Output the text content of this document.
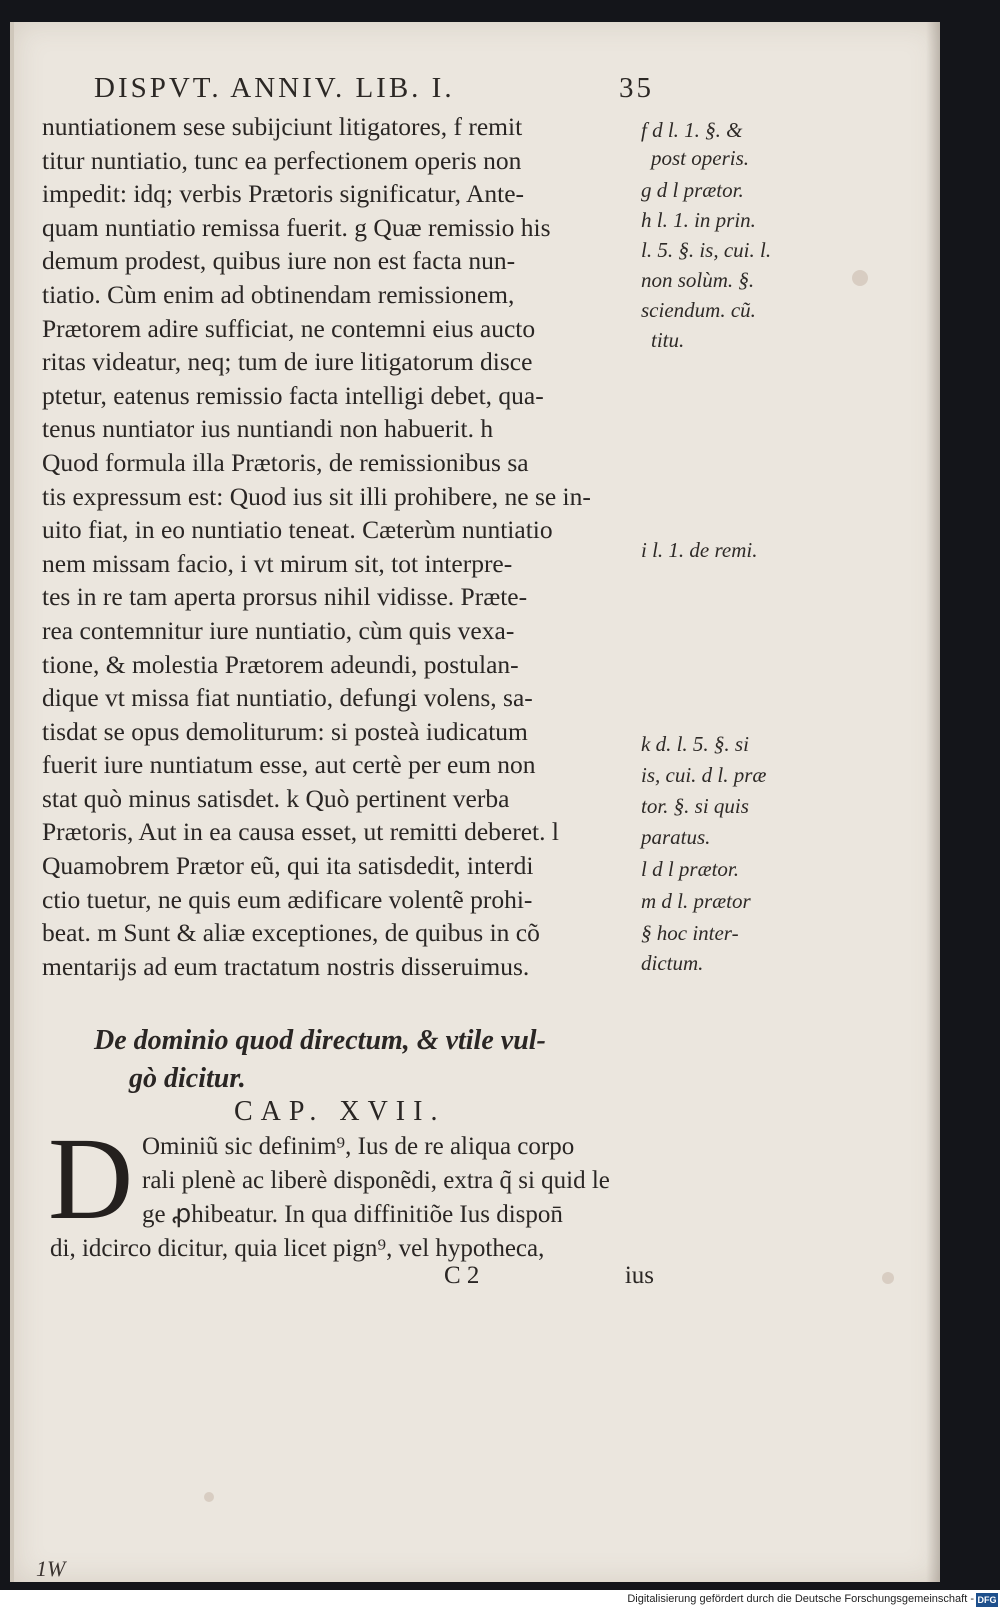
DISPVT. ANNIV. LIB. I.	35
nuntiationem sese subijciunt litigatores, f remit
titur nuntiatio, tunc ea perfectionem operis non
impedit: idq; verbis Prætoris significatur, Ante-
quam nuntiatio remissa fuerit. g Quæ remissio his
demum prodest, quibus iure non est facta nun-
tiatio. Cùm enim ad obtinendam remissionem,
Prætorem adire sufficiat, ne contemni eius aucto
ritas videatur, neq; tum de iure litigatorum disce
ptetur, eatenus remissio facta intelligi debet, qua-
tenus nuntiator ius nuntiandi non habuerit. h
Quod formula illa Prætoris, de remissionibus sa
tis expressum est: Quod ius sit illi prohibere, ne se in-
uito fiat, in eo nuntiatio teneat. Cæterùm nuntiatio
nem missam facio, i vt mirum sit, tot interpre-
tes in re tam aperta prorsus nihil vidisse. Præte-
rea contemnitur iure nuntiatio, cùm quis vexa-
tione, & molestia Prætorem adeundi, postulan-
dique vt missa fiat nuntiatio, defungi volens, sa-
tisdat se opus demoliturum: si posteà iudicatum
fuerit iure nuntiatum esse, aut certè per eum non
stat quò minus satisdet. k Quò pertinent verba
Prætoris, Aut in ea causa esset, ut remitti deberet. l
Quamobrem Prætor eũ, qui ita satisdedit, interdi
ctio tuetur, ne quis eum ædificare volentẽ prohi-
beat. m Sunt & aliæ exceptiones, de quibus in cõ
mentarijs ad eum tractatum nostris disseruimus.
f d l. 1. §. &
post operis.
g d l prætor.
h l. 1. in prin.
l. 5. §. is, cui. l.
non solùm. §.
sciendum. cũ.
titu.
i l. 1. de remi.
k d. l. 5. §. si
is, cui. d l. præ
tor. §. si quis
paratus.
l d l prætor.
m d l. prætor
§ hoc inter-
dictum.
De dominio quod directum, & vtile vul-
gò dicitur.
CAP. XVII.
D Ominiũ sic definim⁹, Ius de re aliqua corpo
rali plenè ac liberè disponẽdi, extra q̃ si quid le
ge ꝓhibeatur. In qua diffinitiõe Ius dispon̄
di, idcirco dicitur, quia licet pign⁹, vel hypotheca,
C 2	ius
1W
Digitalisierung gefördert durch die Deutsche Forschungsgemeinschaft - DFG
